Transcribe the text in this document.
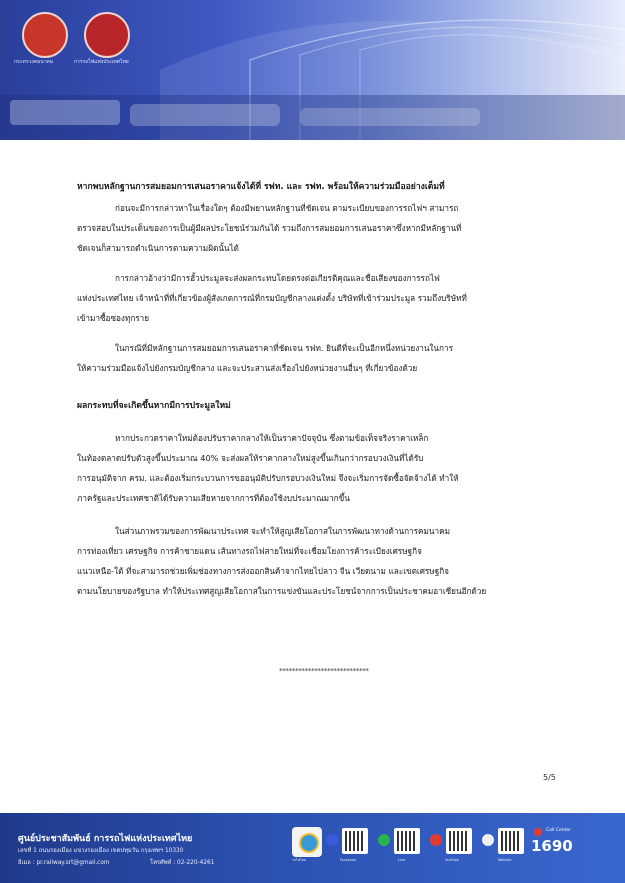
กระทรวงคมนาคม	การรถไฟแห่งประเทศไทย
หากพบหลักฐานการสมยอมการเสนอราคาแจ้งได้ที่ รฟท. และ รฟท. พร้อมให้ความร่วมมืออย่างเต็มที่
ก่อนจะมีการกล่าวหาในเรื่องใดๆ ต้องมีพยานหลักฐานที่ชัดเจน ตามระเบียบของการรถไฟฯ สามารถ
ตรวจสอบในประเด็นของการเป็นผู้มีผลประโยชน์ร่วมกันได้ รวมถึงการสมยอมการเสนอราคาซึ่งหากมีหลักฐานที่
ชัดเจนก็สามารถดำเนินการตามความผิดนั้นได้
การกล่าวอ้างว่ามีการฮั้วประมูลจะส่งผลกระทบโดยตรงต่อเกียรติคุณและชื่อเสียงของการรถไฟ
แห่งประเทศไทย เจ้าหน้าที่ที่เกี่ยวข้องผู้สังเกตการณ์ที่กรมบัญชีกลางแต่งตั้ง บริษัทที่เข้าร่วมประมูล รวมถึงบริษัทที่
เข้ามาซื้อซองทุกราย
ในกรณีที่มีหลักฐานการสมยอมการเสนอราคาที่ชัดเจน รฟท. ยินดีที่จะเป็นอีกหนึ่งหน่วยงานในการ
ให้ความร่วมมือแจ้งไปยังกรมบัญชีกลาง และจะประสานส่งเรื่องไปยังหน่วยงานอื่นๆ ที่เกี่ยวข้องด้วย
ผลกระทบที่จะเกิดขึ้นหากมีการประมูลใหม่
หากประกวดราคาใหม่ต้องปรับราคากลางให้เป็นราคาปัจจุบัน ซึ่งตามข้อเท็จจริงราคาเหล็ก
ในท้องตลาดปรับตัวสูงขึ้นประมาณ 40% จะส่งผลให้ราคากลางใหม่สูงขึ้นเกินกว่ากรอบวงเงินที่ได้รับ
การอนุมัติจาก ครม. และต้องเริ่มกระบวนการขออนุมัติปรับกรอบวงเงินใหม่ จึงจะเริ่มการจัดซื้อจัดจ้างได้ ทำให้
ภาครัฐและประเทศชาติได้รับความเสียหายจากการที่ต้องใช้งบประมาณมากขึ้น
ในส่วนภาพรวมของการพัฒนาประเทศ จะทำให้สูญเสียโอกาสในการพัฒนาทางด้านการคมนาคม
การท่องเที่ยว เศรษฐกิจ การค้าชายแดน เส้นทางรถไฟสายใหม่ที่จะเชื่อมโยงการค้าระเบียงเศรษฐกิจ
แนวเหนือ-ใต้ ที่จะสามารถช่วยเพิ่มช่องทางการส่งออกสินค้าจากไทยไปลาว จีน เวียดนาม และเขตเศรษฐกิจ
ตามนโยบายของรัฐบาล ทำให้ประเทศสูญเสียโอกาสในการแข่งขันและประโยชน์จากการเป็นประชาคมอาเซียนอีกด้วย
****************************
5/5
ศูนย์ประชาสัมพันธ์ การรถไฟแห่งประเทศไทย
เลขที่ 1 ถนนรองเมือง แขวงรองเมือง เขตปทุมวัน กรุงเทพฯ 10330
อีเมล : pr.railway.srt@gmail.com	โทรศัพท์ : 02-220-4261	รถไฟไทย	Facebook	Line	YouTube	Website
Call Center
1690
